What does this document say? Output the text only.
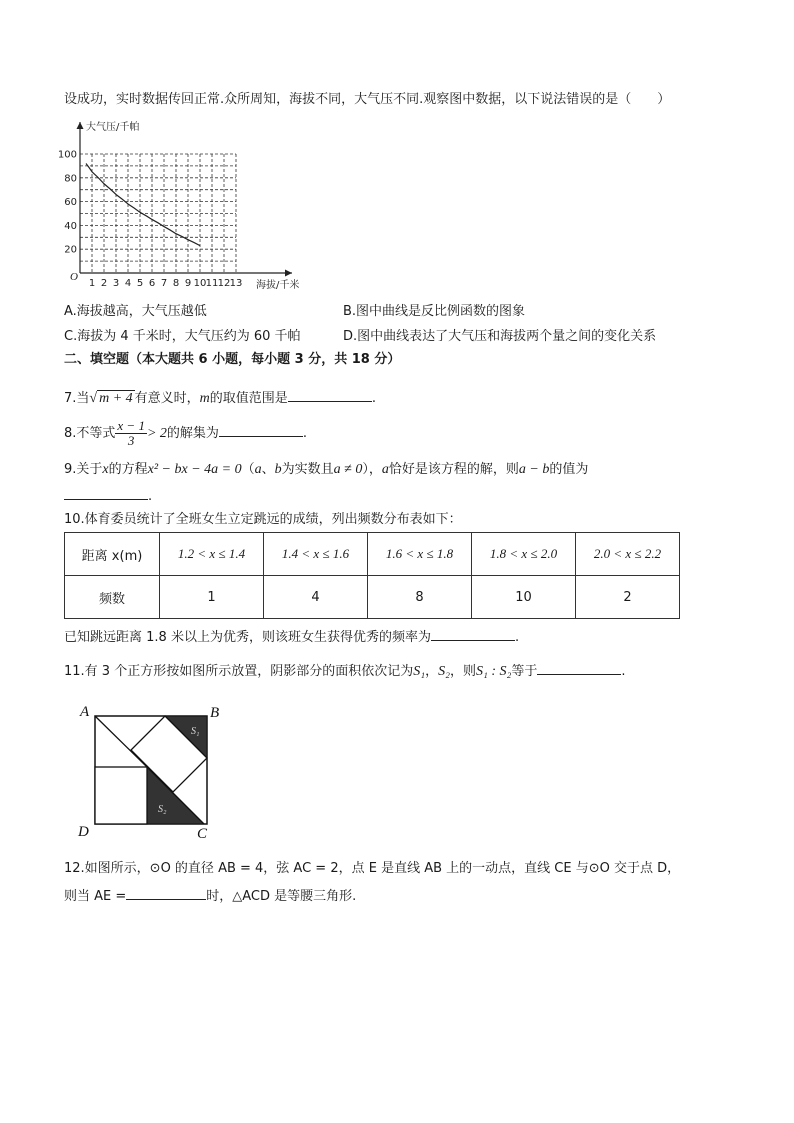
设成功，实时数据传回正常.众所周知，海拔不同，大气压不同.观察图中数据，以下说法错误的是（　　）
大气压/千帕
海拔/千米
O
20
40
60
80
100
1 2 3 4 5 6 7 8 9 10 11 12 13
A.海拔越高，大气压越低	B.图中曲线是反比例函数的图象
C.海拔为 4 千米时，大气压约为 60 千帕	D.图中曲线表达了大气压和海拔两个量之间的变化关系
二、填空题（本大题共 6 小题，每小题 3 分，共 18 分）
7.当√ m + 4 有意义时，m的取值范围是	.
8.不等式 $\frac{x - 1}{3} > 2$的解集为	.
9.关于x的方程x² − bx − 4a = 0（a、b为实数且a ≠ 0），a恰好是该方程的解，则a − b的值为
.
10.体育委员统计了全班女生立定跳远的成绩，列出频数分布表如下：
距离 x(m)	1.2 < x ≤ 1.4	1.4 < x ≤ 1.6	1.6 < x ≤ 1.8	1.8 < x ≤ 2.0	2.0 < x ≤ 2.2
频数	1	4	8	10	2
已知跳远距离 1.8 米以上为优秀，则该班女生获得优秀的频率为	.
11.有 3 个正方形按如图所示放置，阴影部分的面积依次记为S₁，S₂，则S₁ : S₂等于	.
A	B
D	C
S₁
S₂
12.如图所示，⊙O 的直径 AB = 4，弦 AC = 2，点 E 是直线 AB 上的一动点，直线 CE 与⊙O 交于点 D，
则当 AE =	时，△ACD 是等腰三角形.
